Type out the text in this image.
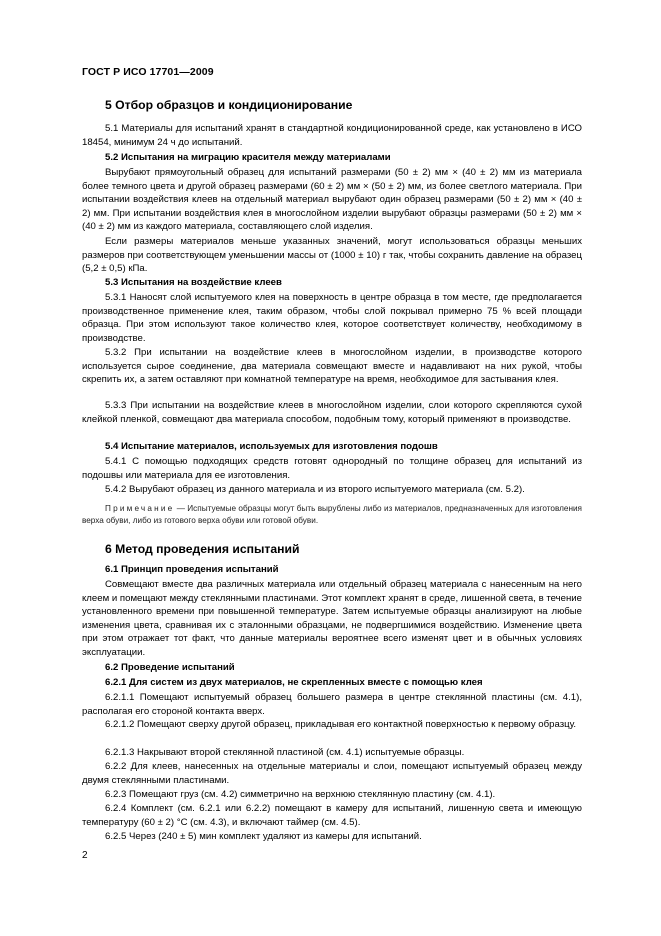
ГОСТ Р ИСО 17701—2009
5 Отбор образцов и кондиционирование

5.1 Материалы для испытаний хранят в стандартной кондиционированной среде, как установлено в ИСО 18454, минимум 24 ч до испытаний.

5.2 Испытания на миграцию красителя между материалами

Вырубают прямоугольный образец для испытаний размерами (50 ± 2) мм × (40 ± 2) мм из материала более темного цвета и другой образец размерами (60 ± 2) мм × (50 ± 2) мм, из более светлого материала. При испытании воздействия клеев на отдельный материал вырубают один образец размерами (50 ± 2) мм × (40 ± 2) мм. При испытании воздействия клея в многослойном изделии вырубают образцы размерами (50 ± 2) мм × (40 ± 2) мм из каждого материала, составляющего слой изделия.

Если размеры материалов меньше указанных значений, могут использоваться образцы меньших размеров при соответствующем уменьшении массы от (1000 ± 10) г так, чтобы сохранить давление на образец (5,2 ± 0,5) кПа.

5.3 Испытания на воздействие клеев

5.3.1 Наносят слой испытуемого клея на поверхность в центре образца в том месте, где предполагается производственное применение клея, таким образом, чтобы слой покрывал примерно 75 % всей площади образца. При этом используют такое количество клея, которое соответствует количеству, необходимому в производстве.

5.3.2 При испытании на воздействие клеев в многослойном изделии, в производстве которого используется сырое соединение, два материала совмещают вместе и надавливают на них рукой, чтобы скрепить их, а затем оставляют при комнатной температуре на время, необходимое для застывания клея.

5.3.3 При испытании на воздействие клеев в многослойном изделии, слои которого скрепляются сухой клейкой пленкой, совмещают два материала способом, подобным тому, который применяют в производстве.

5.4 Испытание материалов, используемых для изготовления подошв

5.4.1 С помощью подходящих средств готовят однородный по толщине образец для испытаний из подошвы или материала для ее изготовления.

5.4.2 Вырубают образец из данного материала и из второго испытуемого материала (см. 5.2).

Примечание — Испытуемые образцы могут быть вырублены либо из материалов, предназначенных для изготовления верха обуви, либо из готового верха обуви или готовой обуви.

6 Метод проведения испытаний
6.1 Принцип проведения испытаний

Совмещают вместе два различных материала или отдельный образец материала с нанесенным на него клеем и помещают между стеклянными пластинами. Этот комплект хранят в среде, лишенной света, в течение установленного времени при повышенной температуре. Затем испытуемые образцы анализируют на любые изменения цвета, сравнивая их с эталонными образцами, не подвергшимися воздействию. Изменение цвета при этом отражает тот факт, что данные материалы вероятнее всего изменят цвет и в обычных условиях эксплуатации.

6.2 Проведение испытаний
6.2.1 Для систем из двух материалов, не скрепленных вместе с помощью клея

6.2.1.1 Помещают испытуемый образец большего размера в центре стеклянной пластины (см. 4.1), располагая его стороной контакта вверх.

6.2.1.2 Помещают сверху другой образец, прикладывая его контактной поверхностью к первому образцу.

6.2.1.3 Накрывают второй стеклянной пластиной (см. 4.1) испытуемые образцы.

6.2.2 Для клеев, нанесенных на отдельные материалы и слои, помещают испытуемый образец между двумя стеклянными пластинами.

6.2.3 Помещают груз (см. 4.2) симметрично на верхнюю стеклянную пластину (см. 4.1).

6.2.4 Комплект (см. 6.2.1 или 6.2.2) помещают в камеру для испытаний, лишенную света и имеющую температуру (60 ± 2) °С (см. 4.3), и включают таймер (см. 4.5).

6.2.5 Через (240 ± 5) мин комплект удаляют из камеры для испытаний.

2
